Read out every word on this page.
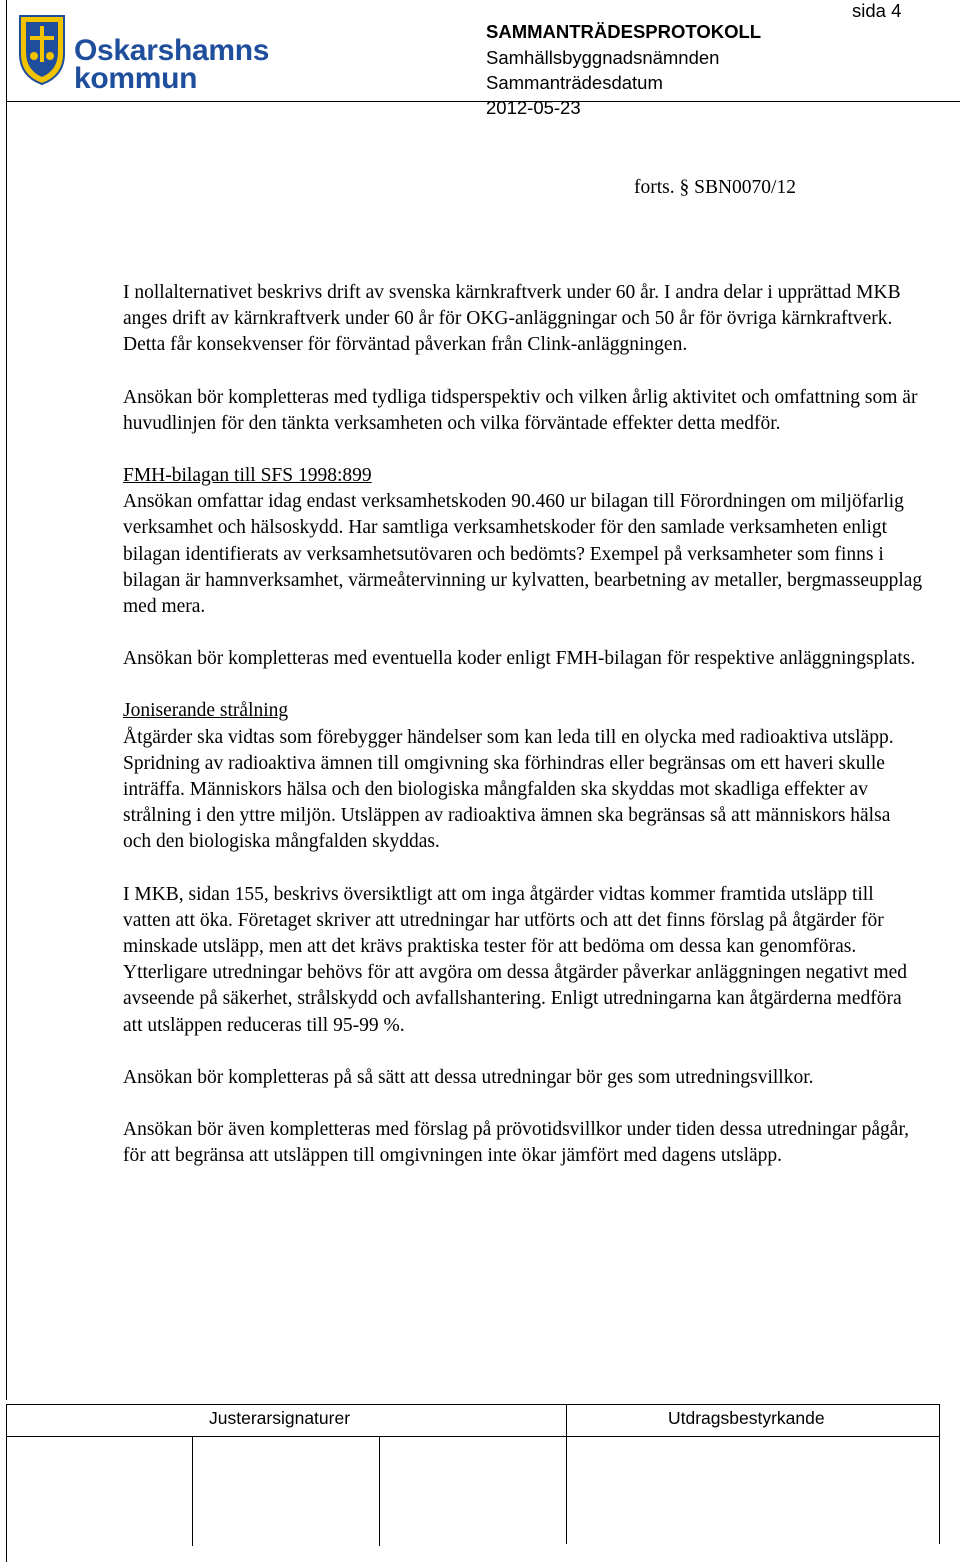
Oskarshamns
kommun
SAMMANTRÄDESPROTOKOLL
Samhällsbyggnadsnämnden
Sammanträdesdatum
2012-05-23
sida 4
forts. § SBN0070/12

I nollalternativet beskrivs drift av svenska kärnkraftverk under 60 år. I andra delar i upprättad MKB anges drift av kärnkraftverk under 60 år för OKG-anläggningar och 50 år för övriga kärnkraftverk. Detta får konsekvenser för förväntad påverkan från Clink-anläggningen.

Ansökan bör kompletteras med tydliga tidsperspektiv och vilken årlig aktivitet och omfattning som är huvudlinjen för den tänkta verksamheten och vilka förväntade effekter detta medför.

FMH-bilagan till SFS 1998:899
Ansökan omfattar idag endast verksamhetskoden 90.460 ur bilagan till Förordningen om miljöfarlig verksamhet och hälsoskydd. Har samtliga verksamhetskoder för den samlade verksamheten enligt bilagan identifierats av verksamhetsutövaren och bedömts? Exempel på verksamheter som finns i bilagan är hamnverksamhet, värmeåtervinning ur kylvatten, bearbetning av metaller, bergmasseupplag med mera.

Ansökan bör kompletteras med eventuella koder enligt FMH-bilagan för respektive anläggningsplats.

Joniserande strålning
Åtgärder ska vidtas som förebygger händelser som kan leda till en olycka med radioaktiva utsläpp. Spridning av radioaktiva ämnen till omgivning ska förhindras eller begränsas om ett haveri skulle inträffa. Människors hälsa och den biologiska mångfalden ska skyddas mot skadliga effekter av strålning i den yttre miljön. Utsläppen av radioaktiva ämnen ska begränsas så att människors hälsa och den biologiska mångfalden skyddas.

I MKB, sidan 155, beskrivs översiktligt att om inga åtgärder vidtas kommer framtida utsläpp till vatten att öka. Företaget skriver att utredningar har utförts och att det finns förslag på åtgärder för minskade utsläpp, men att det krävs praktiska tester för att bedöma om dessa kan genomföras. Ytterligare utredningar behövs för att avgöra om dessa åtgärder påverkar anläggningen negativt med avseende på säkerhet, strålskydd och avfallshantering. Enligt utredningarna kan åtgärderna medföra att utsläppen reduceras till 95-99 %.

Ansökan bör kompletteras på så sätt att dessa utredningar bör ges som utredningsvillkor.

Ansökan bör även kompletteras med förslag på prövotidsvillkor under tiden dessa utredningar pågår, för att begränsa att utsläppen till omgivningen inte ökar jämfört med dagens utsläpp.

Justerarsignaturer	Utdragsbestyrkande
